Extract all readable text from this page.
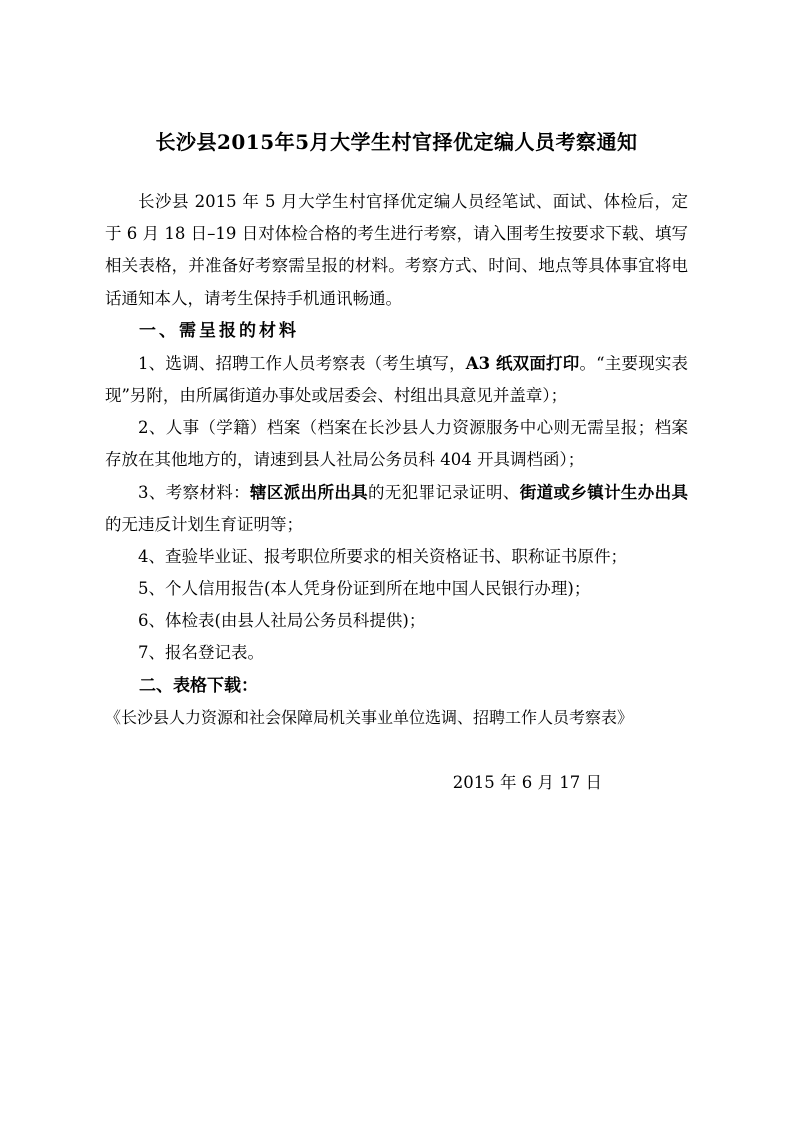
长沙县2015年5月大学生村官择优定编人员考察通知

长沙县 2015 年 5 月大学生村官择优定编人员经笔试、面试、体检后，定于 6 月 18 日–19 日对体检合格的考生进行考察，请入围考生按要求下载、填写相关表格，并准备好考察需呈报的材料。考察方式、时间、地点等具体事宜将电话通知本人，请考生保持手机通讯畅通。

一、需呈报的材料

1、选调、招聘工作人员考察表（考生填写，A3 纸双面打印。“主要现实表现”另附，由所属街道办事处或居委会、村组出具意见并盖章）；

2、人事（学籍）档案（档案在长沙县人力资源服务中心则无需呈报；档案存放在其他地方的，请速到县人社局公务员科 404 开具调档函）；

3、考察材料：辖区派出所出具的无犯罪记录证明、街道或乡镇计生办出具的无违反计划生育证明等；

4、查验毕业证、报考职位所要求的相关资格证书、职称证书原件；

5、个人信用报告(本人凭身份证到所在地中国人民银行办理)；

6、体检表(由县人社局公务员科提供)；

7、报名登记表。

二、表格下载：

《长沙县人力资源和社会保障局机关事业单位选调、招聘工作人员考察表》

2015 年 6 月 17 日
